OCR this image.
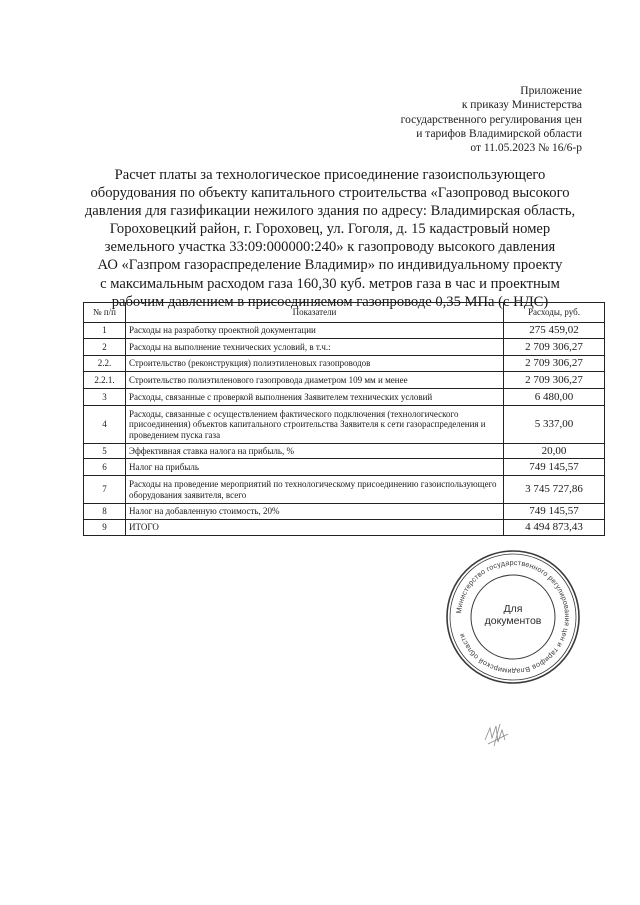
Приложение
к приказу Министерства
государственного регулирования цен
и тарифов Владимирской области
от 11.05.2023 № 16/6-р
Расчет платы за технологическое присоединение газоиспользующего
оборудования по объекту капитального строительства «Газопровод высокого
давления для газификации нежилого здания по адресу: Владимирская область,
Гороховецкий район, г. Гороховец, ул. Гоголя, д. 15 кадастровый номер
земельного участка 33:09:000000:240» к газопроводу высокого давления
АО «Газпром газораспределение Владимир» по индивидуальному проекту
с максимальным расходом газа 160,30 куб. метров газа в час и проектным
рабочим давлением в присоединяемом газопроводе 0,35 МПа (с НДС)
№ п/п	Показатели	Расходы, руб.
1	Расходы на разработку проектной документации	275 459,02
2	Расходы на выполнение технических условий, в т.ч.:	2 709 306,27
2.2.	Строительство (реконструкция) полиэтиленовых газопроводов	2 709 306,27
2.2.1.	Строительство полиэтиленового газопровода диаметром 109 мм и менее	2 709 306,27
3	Расходы, связанные с проверкой выполнения Заявителем технических условий	6 480,00
4	Расходы, связанные с осуществлением фактического подключения (технологического присоединения) объектов капитального строительства Заявителя к сети газораспределения и проведением пуска газа	5 337,00
5	Эффективная ставка налога на прибыль, %	20,00
6	Налог на прибыль	749 145,57
7	Расходы на проведение мероприятий по технологическому присоединению газоиспользующего оборудования заявителя, всего	3 745 727,86
8	Налог на добавленную стоимость, 20%	749 145,57
9	ИТОГО	4 494 873,43
Министерство государственного регулирования цен и тарифов Владимирской области
Для
документов
